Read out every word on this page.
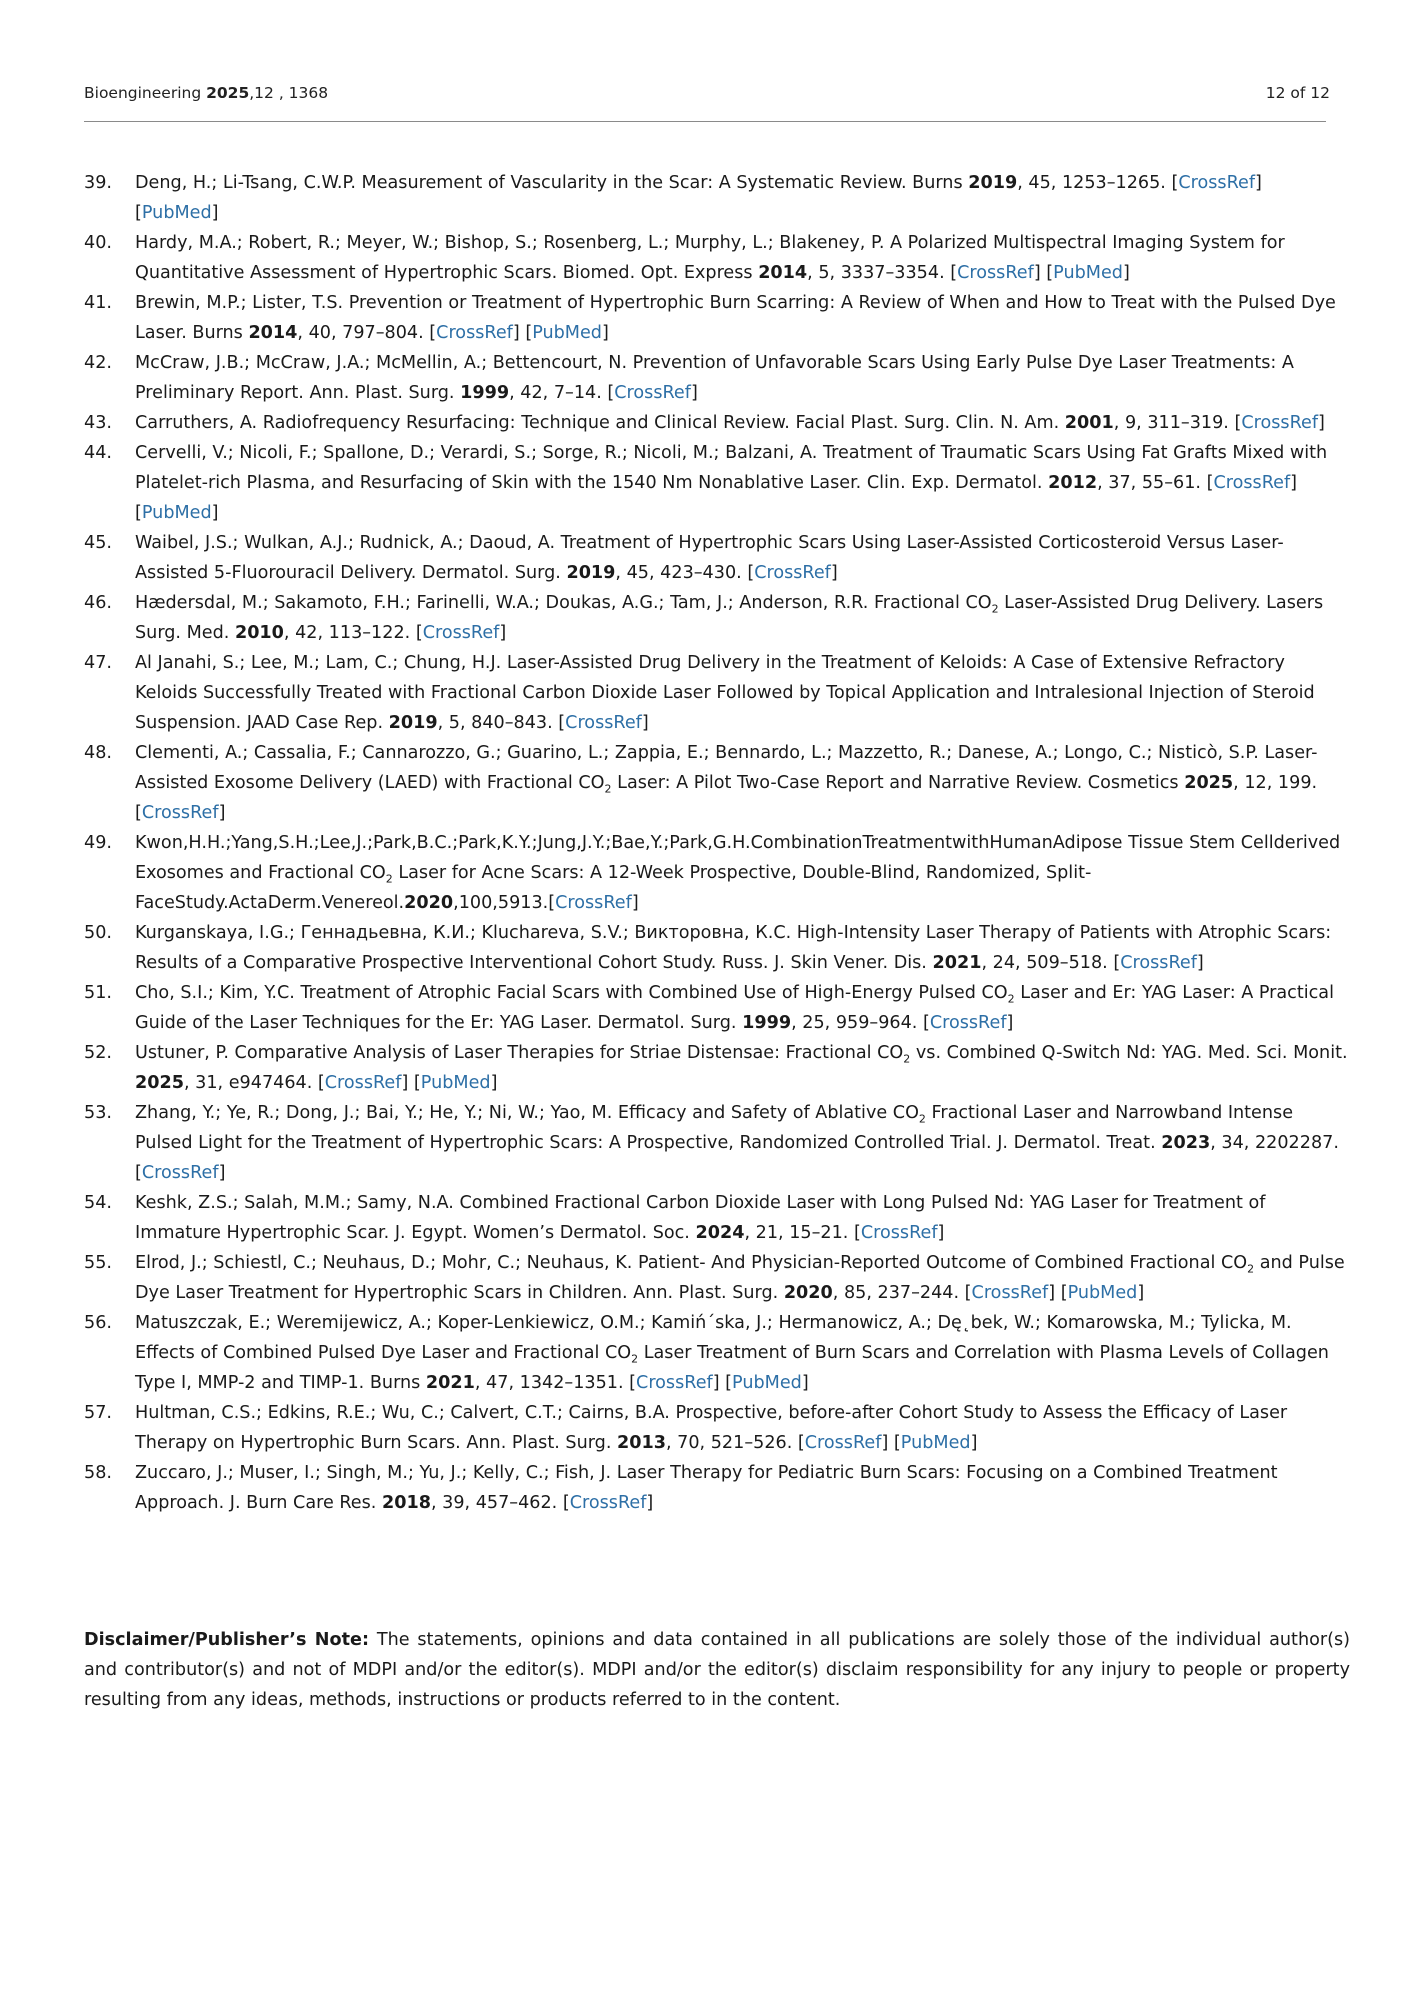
Bioengineering 2025,12 , 1368	12 of 12
39. Deng, H.; Li-Tsang, C.W.P. Measurement of Vascularity in the Scar: A Systematic Review. Burns 2019, 45, 1253–1265. [CrossRef] [PubMed]
40. Hardy, M.A.; Robert, R.; Meyer, W.; Bishop, S.; Rosenberg, L.; Murphy, L.; Blakeney, P. A Polarized Multispectral Imaging System for Quantitative Assessment of Hypertrophic Scars. Biomed. Opt. Express 2014, 5, 3337–3354. [CrossRef] [PubMed]
41. Brewin, M.P.; Lister, T.S. Prevention or Treatment of Hypertrophic Burn Scarring: A Review of When and How to Treat with the Pulsed Dye Laser. Burns 2014, 40, 797–804. [CrossRef] [PubMed]
42. McCraw, J.B.; McCraw, J.A.; McMellin, A.; Bettencourt, N. Prevention of Unfavorable Scars Using Early Pulse Dye Laser Treatments: A Preliminary Report. Ann. Plast. Surg. 1999, 42, 7–14. [CrossRef]
43. Carruthers, A. Radiofrequency Resurfacing: Technique and Clinical Review. Facial Plast. Surg. Clin. N. Am. 2001, 9, 311–319. [CrossRef]
44. Cervelli, V.; Nicoli, F.; Spallone, D.; Verardi, S.; Sorge, R.; Nicoli, M.; Balzani, A. Treatment of Traumatic Scars Using Fat Grafts Mixed with Platelet-rich Plasma, and Resurfacing of Skin with the 1540 Nm Nonablative Laser. Clin. Exp. Dermatol. 2012, 37, 55–61. [CrossRef] [PubMed]
45. Waibel, J.S.; Wulkan, A.J.; Rudnick, A.; Daoud, A. Treatment of Hypertrophic Scars Using Laser-Assisted Corticosteroid Versus Laser-Assisted 5-Fluorouracil Delivery. Dermatol. Surg. 2019, 45, 423–430. [CrossRef]
46. Hædersdal, M.; Sakamoto, F.H.; Farinelli, W.A.; Doukas, A.G.; Tam, J.; Anderson, R.R. Fractional $CO_2$ Laser-Assisted Drug Delivery. Lasers Surg. Med. 2010, 42, 113–122. [CrossRef]
47. Al Janahi, S.; Lee, M.; Lam, C.; Chung, H.J. Laser-Assisted Drug Delivery in the Treatment of Keloids: A Case of Extensive Refractory Keloids Successfully Treated with Fractional Carbon Dioxide Laser Followed by Topical Application and Intralesional Injection of Steroid Suspension. JAAD Case Rep. 2019, 5, 840–843. [CrossRef]
48. Clementi, A.; Cassalia, F.; Cannarozzo, G.; Guarino, L.; Zappia, E.; Bennardo, L.; Mazzetto, R.; Danese, A.; Longo, C.; Nisticò, S.P. Laser-Assisted Exosome Delivery (LAED) with Fractional $CO_2$ Laser: A Pilot Two-Case Report and Narrative Review. Cosmetics 2025, 12, 199. [CrossRef]
49. Kwon,H.H.;Yang,S.H.;Lee,J.;Park,B.C.;Park,K.Y.;Jung,J.Y.;Bae,Y.;Park,G.H.CombinationTreatmentwithHumanAdipose Tissue Stem Cellderived Exosomes and Fractional $CO_2$ Laser for Acne Scars: A 12-Week Prospective, Double-Blind, Randomized, Split-FaceStudy.ActaDerm.Venereol.2020,100,5913.[CrossRef]
50. Kurganskaya, I.G.; Геннадьевна, К.И.; Kluchareva, S.V.; Викторовна, К.С. High-Intensity Laser Therapy of Patients with Atrophic Scars: Results of a Comparative Prospective Interventional Cohort Study. Russ. J. Skin Vener. Dis. 2021, 24, 509–518. [CrossRef]
51. Cho, S.I.; Kim, Y.C. Treatment of Atrophic Facial Scars with Combined Use of High-Energy Pulsed $CO_2$ Laser and Er: YAG Laser: A Practical Guide of the Laser Techniques for the Er: YAG Laser. Dermatol. Surg. 1999, 25, 959–964. [CrossRef]
52. Ustuner, P. Comparative Analysis of Laser Therapies for Striae Distensae: Fractional $CO_2$ vs. Combined Q-Switch Nd: YAG. Med. Sci. Monit. 2025, 31, e947464. [CrossRef] [PubMed]
53. Zhang, Y.; Ye, R.; Dong, J.; Bai, Y.; He, Y.; Ni, W.; Yao, M. Efficacy and Safety of Ablative $CO_2$ Fractional Laser and Narrowband Intense Pulsed Light for the Treatment of Hypertrophic Scars: A Prospective, Randomized Controlled Trial. J. Dermatol. Treat. 2023, 34, 2202287. [CrossRef]
54. Keshk, Z.S.; Salah, M.M.; Samy, N.A. Combined Fractional Carbon Dioxide Laser with Long Pulsed Nd: YAG Laser for Treatment of Immature Hypertrophic Scar. J. Egypt. Women’s Dermatol. Soc. 2024, 21, 15–21. [CrossRef]
55. Elrod, J.; Schiestl, C.; Neuhaus, D.; Mohr, C.; Neuhaus, K. Patient- And Physician-Reported Outcome of Combined Fractional $CO_2$ and Pulse Dye Laser Treatment for Hypertrophic Scars in Children. Ann. Plast. Surg. 2020, 85, 237–244. [CrossRef] [PubMed]
56. Matuszczak, E.; Weremijewicz, A.; Koper-Lenkiewicz, O.M.; Kamiń´ska, J.; Hermanowicz, A.; Dę˛bek, W.; Komarowska, M.; Tylicka, M. Effects of Combined Pulsed Dye Laser and Fractional $CO_2$ Laser Treatment of Burn Scars and Correlation with Plasma Levels of Collagen Type I, MMP-2 and TIMP-1. Burns 2021, 47, 1342–1351. [CrossRef] [PubMed]
57. Hultman, C.S.; Edkins, R.E.; Wu, C.; Calvert, C.T.; Cairns, B.A. Prospective, before-after Cohort Study to Assess the Efficacy of Laser Therapy on Hypertrophic Burn Scars. Ann. Plast. Surg. 2013, 70, 521–526. [CrossRef] [PubMed]
58. Zuccaro, J.; Muser, I.; Singh, M.; Yu, J.; Kelly, C.; Fish, J. Laser Therapy for Pediatric Burn Scars: Focusing on a Combined Treatment Approach. J. Burn Care Res. 2018, 39, 457–462. [CrossRef]
Disclaimer/Publisher’s Note: The statements, opinions and data contained in all publications are solely those of the individual author(s) and contributor(s) and not of MDPI and/or the editor(s). MDPI and/or the editor(s) disclaim responsibility for any injury to people or property resulting from any ideas, methods, instructions or products referred to in the content.
